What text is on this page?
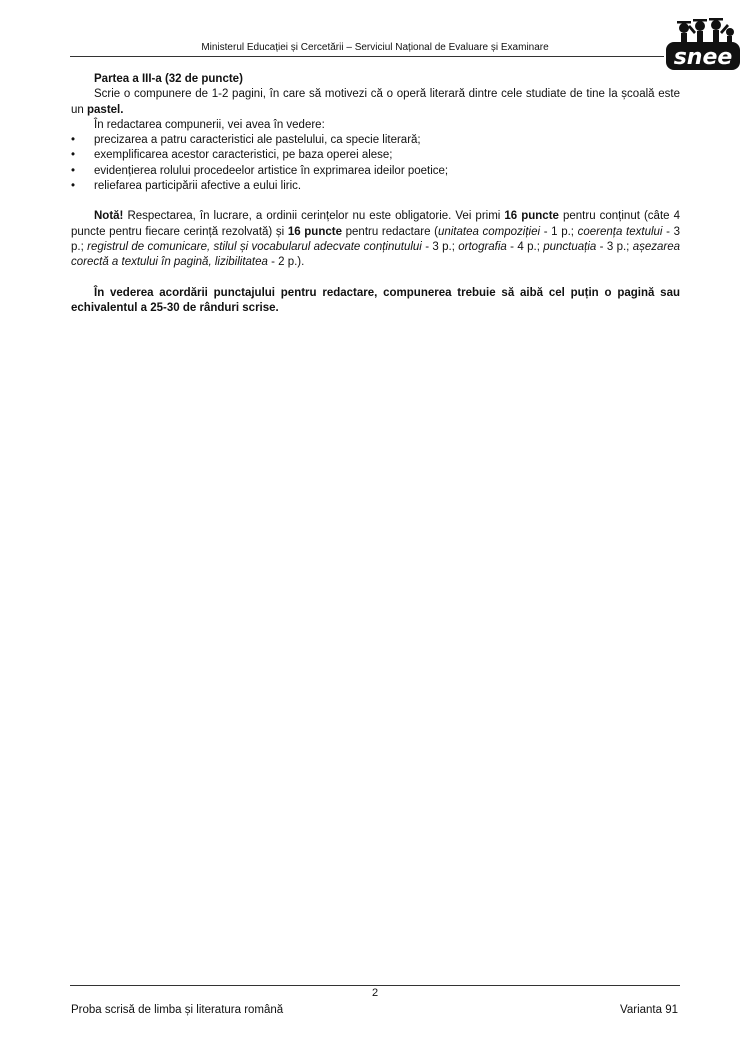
Ministerul Educației și Cercetării – Serviciul Național de Evaluare și Examinare	snee

Partea a III-a (32 de puncte)

Scrie o compunere de 1-2 pagini, în care să motivezi că o operă literară dintre cele studiate de tine la școală este un pastel.

În redactarea compunerii, vei avea în vedere:

• precizarea a patru caracteristici ale pastelului, ca specie literară;
• exemplificarea acestor caracteristici, pe baza operei alese;
• evidențierea rolului procedeelor artistice în exprimarea ideilor poetice;
• reliefarea participării afective a eului liric.

Notă! Respectarea, în lucrare, a ordinii cerințelor nu este obligatorie. Vei primi 16 puncte pentru conținut (câte 4 puncte pentru fiecare cerință rezolvată) și 16 puncte pentru redactare (unitatea compoziției - 1 p.; coerența textului - 3 p.; registrul de comunicare, stilul și vocabularul adecvate conținutului - 3 p.; ortografia - 4 p.; punctuația - 3 p.; așezarea corectă a textului în pagină, lizibilitatea - 2 p.).

În vederea acordării punctajului pentru redactare, compunerea trebuie să aibă cel puțin o pagină sau echivalentul a 25-30 de rânduri scrise.

2
Proba scrisă de limba și literatura română	Varianta 91
